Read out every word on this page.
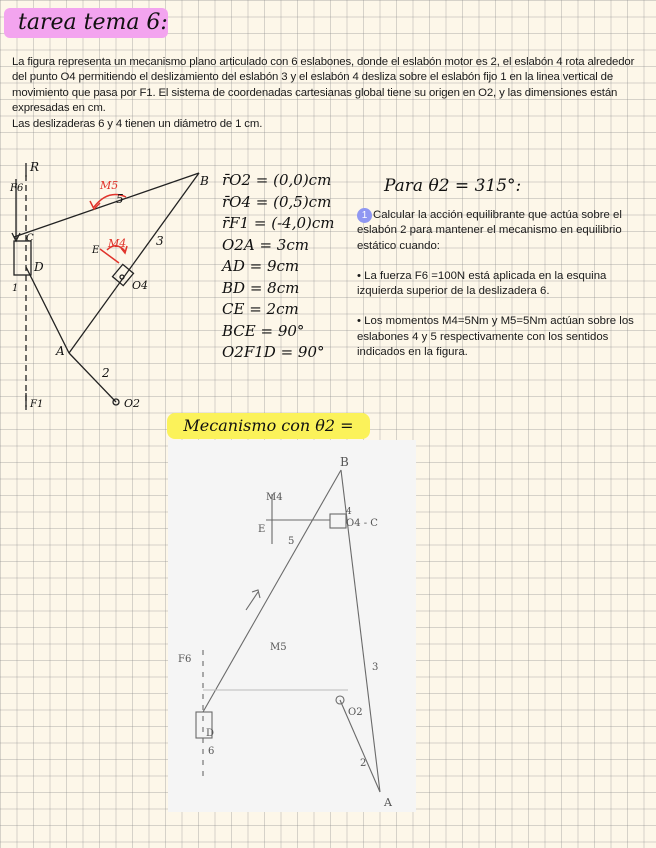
tarea tema 6:

La figura representa un mecanismo plano articulado con 6 eslabones, donde el eslabón motor es 2, el eslabón 4 rota alrededor del punto O4 permitiendo el deslizamiento del eslabón 3 y el eslabón 4 desliza sobre el eslabón fijo 1 en la linea vertical de movimiento que pasa por F1. El sistema de coordenadas cartesianas global tiene su origen en O2, y las dimensiones están expresadas en cm.

Las deslizaderas 6 y 4 tienen un diámetro de 1 cm.

R
F6
C
D
1
F1
M5
5
B
3
E
M4
O4
A
2
O2
r̄O2 = (0,0)cm
r̄O4 = (0,5)cm
r̄F1 = (-4,0)cm
O2A = 3cm
AD = 9cm
BD = 8cm
CE = 2cm
BCE = 90°
O2F1D = 90°
Para θ2 = 315°:

1 Calcular la acción equilibrante que actúa sobre el eslabón 2 para mantener el mecanismo en equilibrio estático cuando:

• La fuerza F6 =100N está aplicada en la esquina izquierda superior de la deslizadera 6.

• Los momentos M4=5Nm y M5=5Nm actúan sobre los eslabones 4 y 5 respectivamente con los sentidos indicados en la figura.

Mecanismo con θ2 =
B
M4
E
5
4
O4 - C
M5
F6
3
O2
D
6
2
A
